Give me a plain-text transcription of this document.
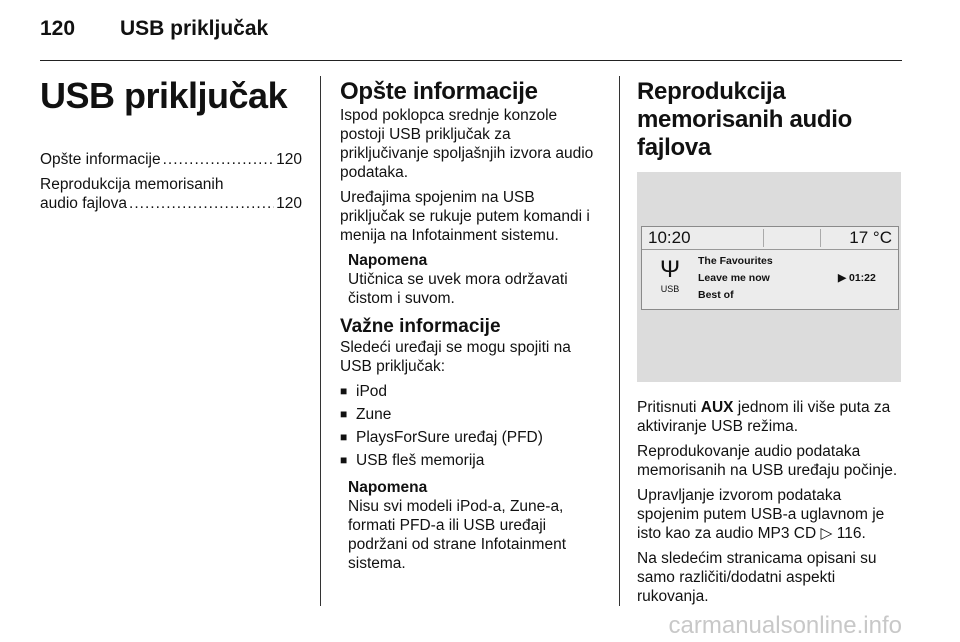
120	USB priključak
USB priključak
Opšte informacije .....	120
Reprodukcija memorisanih
audio fajlova .....	120
Opšte informacije

Ispod poklopca srednje konzole postoji USB priključak za priključivanje spoljašnjih izvora audio podataka.

Uređajima spojenim na USB priključak se rukuje putem komandi i menija na Infotainment sistemu.

Napomena

Utičnica se uvek mora održavati čistom i suvom.

Važne informacije

Sledeći uređaji se mogu spojiti na USB priključak:

■ iPod
■ Zune
■ PlaysForSure uređaj (PFD)
■ USB fleš memorija
Napomena

Nisu svi modeli iPod-a, Zune-a, formati PFD-a ili USB uređaji podržani od strane Infotainment sistema.

Reprodukcija memorisanih audio fajlova
10:20	17 °C
Ψ
USB
The Favourites
Leave me now	▶ 01:22
Best of

Pritisnuti AUX jednom ili više puta za aktiviranje USB režima.

Reprodukovanje audio podataka memorisanih na USB uređaju počinje.

Upravljanje izvorom podataka spojenim putem USB-a uglavnom je isto kao za audio MP3 CD ▷ 116.

Na sledećim stranicama opisani su samo različiti/dodatni aspekti rukovanja.

carmanualsonline.info
